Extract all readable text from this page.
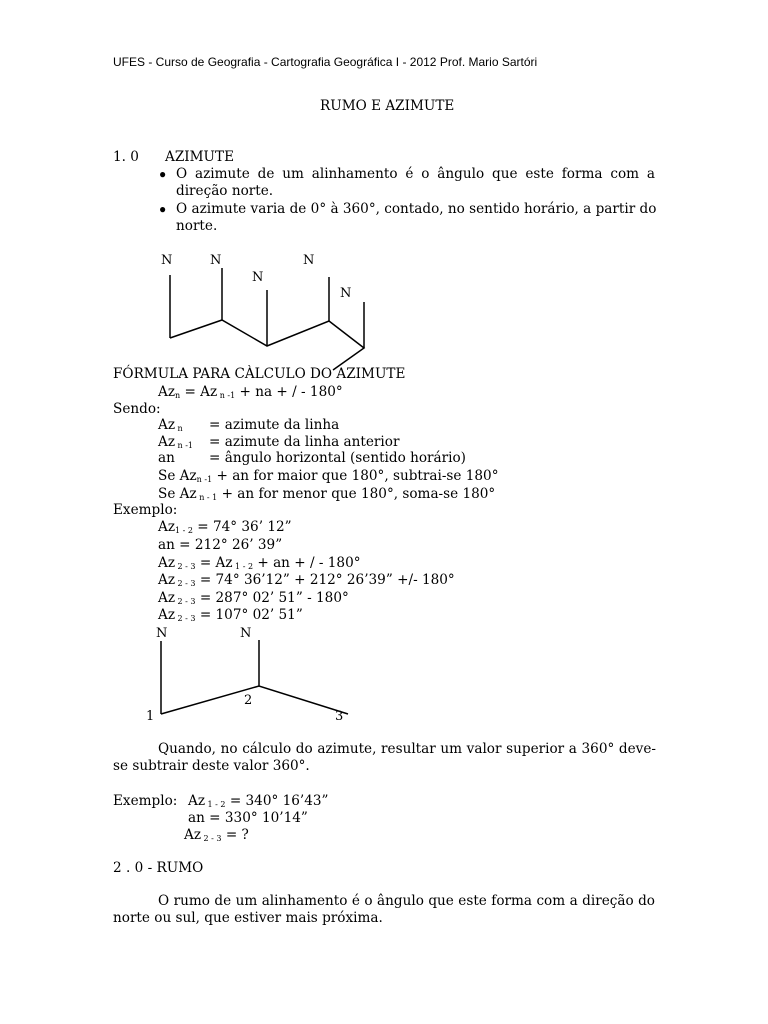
UFES - Curso de Geografia - Cartografia Geográfica I - 2012 Prof. Mario Sartóri
RUMO E AZIMUTE
1. 0 AZIMUTE
● O azimute de um alinhamento é o ângulo que este forma com a
direção norte.
● O azimute varia de 0° à 360°, contado, no sentido horário, a partir do
norte.
N	N
N
N
N
FÓRMULA PARA CÀLCULO DO AZIMUTE
$Az_n = Az$ $_{n -1}$ + na + / - 180°
Sendo:
Az $_n$ = azimute da linha
Az $_{n -1}$ = azimute da linha anterior
an	= ângulo horizontal (sentido horário)
Se $Az_{n -1}$ + an for maior que 180°, subtrai-se 180°
Se Az $_{n - 1}$ + an for menor que 180°, soma-se 180°
Exemplo:
$Az_{1 - 2} = 74^\circ$ 36’ 12”
an = 212° 26’ 39”
Az $_{2 - 3}$ = Az $_{1 - 2}$ + an + / - 180°
Az $_{2 - 3}$ = 74° 36’12” + 212° 26’39” +/- 180°
Az $_{2 - 3}$ = 287° 02’ 51” - 180°
Az $_{2 - 3}$ = 107° 02’ 51”
N	N
1
2
3
Quando, no cálculo do azimute, resultar um valor superior a 360° deve-
se subtrair deste valor 360°.
Exemplo: Az $_{1 - 2}$ = 340° 16’43”
an = 330° 10’14”
Az $_{2 - 3}$ = ?
2 . 0 - RUMO
O rumo de um alinhamento é o ângulo que este forma com a direção do
norte ou sul, que estiver mais próxima.
